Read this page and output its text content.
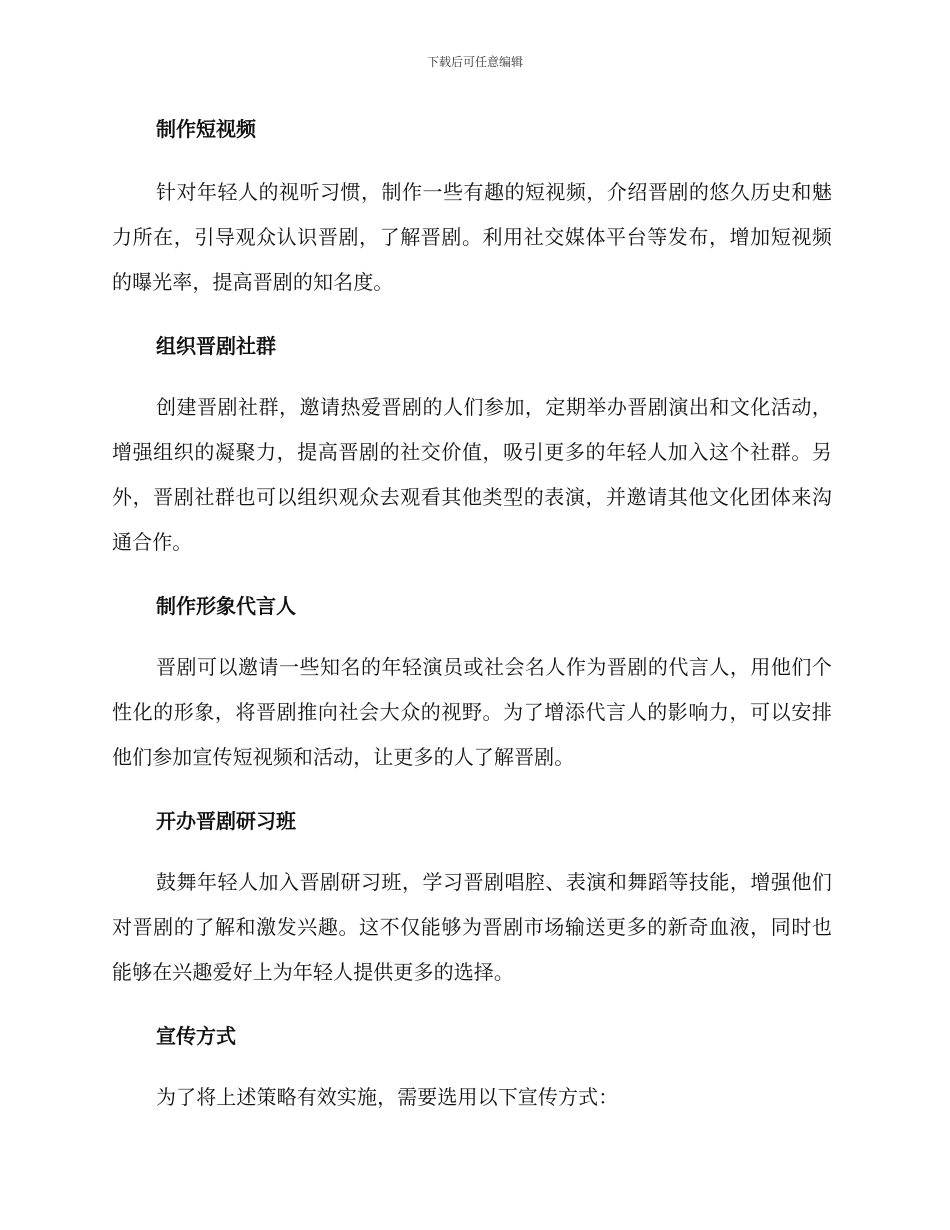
下载后可任意编辑
制作短视频

针对年轻人的视听习惯，制作一些有趣的短视频，介绍晋剧的悠久历史和魅力所在，引导观众认识晋剧，了解晋剧。利用社交媒体平台等发布，增加短视频的曝光率，提高晋剧的知名度。

组织晋剧社群

创建晋剧社群，邀请热爱晋剧的人们参加，定期举办晋剧演出和文化活动，增强组织的凝聚力，提高晋剧的社交价值，吸引更多的年轻人加入这个社群。另外，晋剧社群也可以组织观众去观看其他类型的表演，并邀请其他文化团体来沟通合作。

制作形象代言人

晋剧可以邀请一些知名的年轻演员或社会名人作为晋剧的代言人，用他们个性化的形象，将晋剧推向社会大众的视野。为了增添代言人的影响力，可以安排他们参加宣传短视频和活动，让更多的人了解晋剧。

开办晋剧研习班

鼓舞年轻人加入晋剧研习班，学习晋剧唱腔、表演和舞蹈等技能，增强他们对晋剧的了解和激发兴趣。这不仅能够为晋剧市场输送更多的新奇血液，同时也能够在兴趣爱好上为年轻人提供更多的选择。

宣传方式

为了将上述策略有效实施，需要选用以下宣传方式：
